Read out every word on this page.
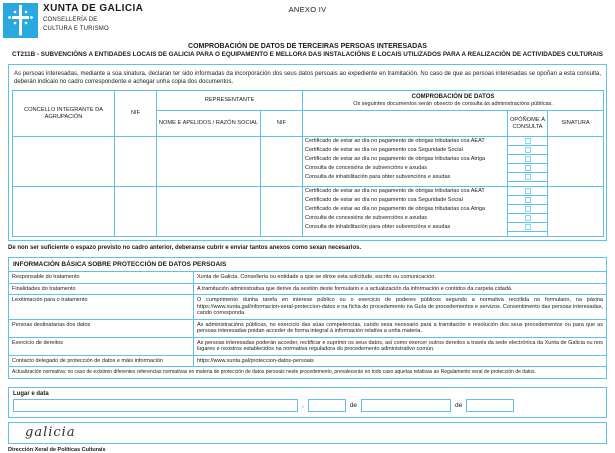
XUNTA DE GALICIA
CONSELLERÍA DE
CULTURA E TURISMO
ANEXO IV
COMPROBACIÓN DE DATOS DE TERCEIRAS PERSOAS INTERESADAS
CT211B - SUBVENCIÓNS A ENTIDADES LOCAIS DE GALICIA PARA O EQUIPAMENTO E MELLORA DAS INSTALACIÓNS E LOCAIS UTILIZADOS PARA A REALIZACIÓN DE ACTIVIDADES CULTURAIS
As persoas interesadas, mediante a súa sinatura, declaran ter sido informadas da incorporación dos seus datos persoais ao expediente en tramitación. No caso de que as persoas interesadas se opoñan a esta consulta, deberán indicalo no cadro correspondente e achegar unha copia dos documentos.
CONCELLO INTEGRANTE DA AGRUPACIÓN	NIF	REPRESENTANTE		COMPROBACIÓN DE DATOS
Os seguintes documentos serán obxecto de consulta ás administracións públicas.		

		NOME E APELIDOS / RAZÓN SOCIAL	NIF		OPÓÑOME Á CONSULTA	SINATURA

				Certificado de estar ao día no pagamento de obrigas tributarias coa AEAT
Certificado de estar ao día no pagamento coa Seguridade Social
Certificado de estar ao día no pagamento de obrigas tributarias coa Atriga
Consulta de concesións de subvencións e axudas
Consulta de inhabilitación para obter subvencións e axudas		

				Certificado de estar ao día no pagamento de obrigas tributarias coa AEAT
Certificado de estar ao día no pagamento coa Seguridade Social
Certificado de estar ao día no pagamento de obrigas tributarias coa Atriga
Consulta de concesións de subvencións e axudas
Consulta de inhabilitación para obter subvencións e axudas		

De non ser suficiente o espazo previsto no cadro anterior, deberanse cubrir e enviar tantos anexos como sexan necesarios.
INFORMACIÓN BÁSICA SOBRE PROTECCIÓN DE DATOS PERSOAIS
Responsable do tratamento	Xunta de Galicia. Consellería ou entidade a que se dirixe esta solicitude, escrito ou comunicación.
Finalidades do tratamento	A tramitación administrativa que derive da xestión deste formulario e a actualización da información e contidos da carpeta cidadá.
Lexitimación para o tratamento	O cumprimento dunha tarefa en interese público ou o exercicio de poderes públicos segundo a normativa recollida no formulario, na páxina https://www.xunta.gal/informacion-xeral-proteccion-datos e na ficha do procedemento na Guía de procedementos e servizos. Consentimento das persoas interesadas, cando corresponda.
Persoas destinatarias dos datos	As administracións públicas, no exercicio das súas competencias, cando sexa necesario para a tramitación e resolución dos seus procedementos ou para que as persoas interesadas poidan acceder de forma integral á información relativa a unha materia.
Exercicio de dereitos	As persoas interesadas poderán acceder, rectificar e suprimir os seus datos, así como exercer outros dereitos a través da sede electrónica da Xunta de Galicia ou nos lugares e rexistros establecidos na normativa reguladora do procedemento administrativo común.
Contacto delegado de protección de datos e máis información	https://www.xunta.gal/proteccion-datos-persoais
Actualización normativa: no caso de existiren diferentes referencias normativas en materia de protección de datos persoais neste procedemento, prevalecerán en todo caso aquelas relativas ao Regulamento xeral de protección de datos.
Lugar e data
,	de	de
galicia
Dirección Xeral de Políticas Culturais
